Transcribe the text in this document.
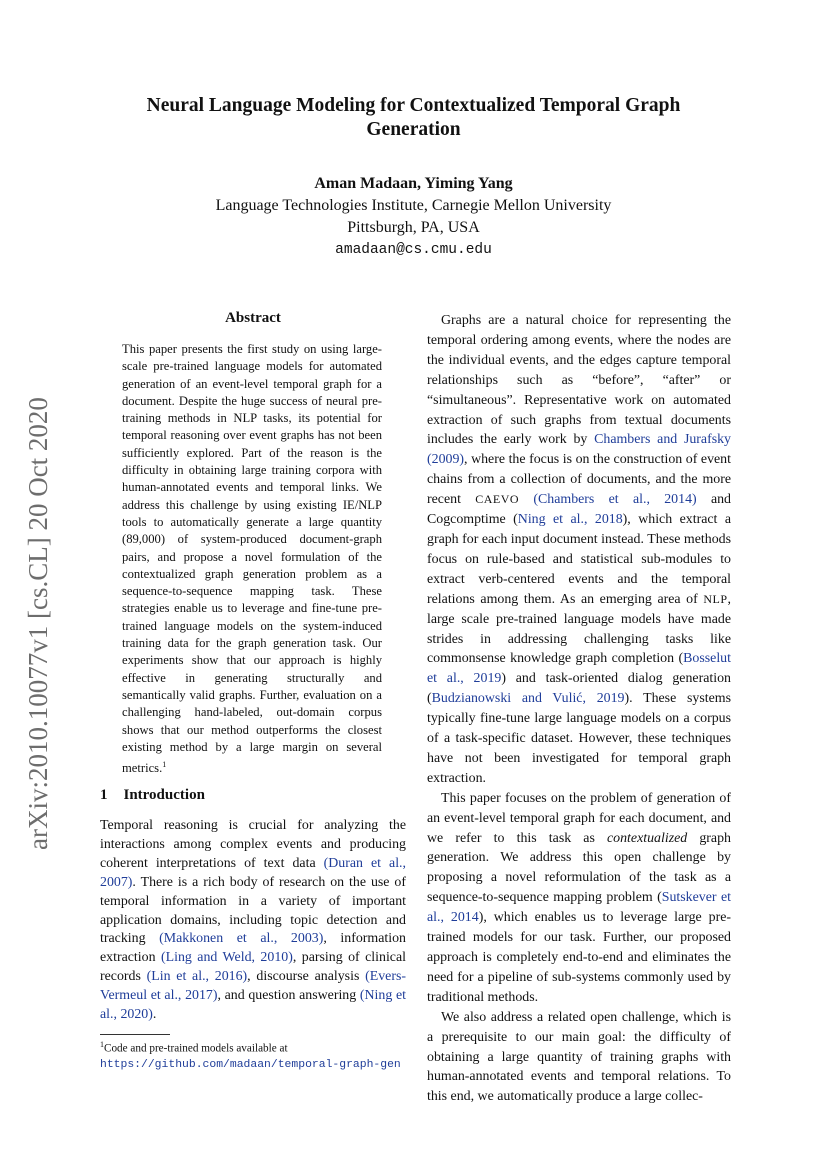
Neural Language Modeling for Contextualized Temporal Graph Generation
Aman Madaan, Yiming Yang
Language Technologies Institute, Carnegie Mellon University
Pittsburgh, PA, USA
amadaan@cs.cmu.edu
arXiv:2010.10077v1 [cs.CL] 20 Oct 2020
Abstract
This paper presents the first study on using large-scale pre-trained language models for automated generation of an event-level temporal graph for a document. Despite the huge success of neural pre-training methods in NLP tasks, its potential for temporal reasoning over event graphs has not been sufficiently explored. Part of the reason is the difficulty in obtaining large training corpora with human-annotated events and temporal links. We address this challenge by using existing IE/NLP tools to automatically generate a large quantity (89,000) of system-produced document-graph pairs, and propose a novel formulation of the contextualized graph generation problem as a sequence-to-sequence mapping task. These strategies enable us to leverage and fine-tune pre-trained language models on the system-induced training data for the graph generation task. Our experiments show that our approach is highly effective in generating structurally and semantically valid graphs. Further, evaluation on a challenging hand-labeled, out-domain corpus shows that our method outperforms the closest existing method by a large margin on several metrics.$^1$
1 Introduction
Temporal reasoning is crucial for analyzing the interactions among complex events and producing coherent interpretations of text data (Duran et al., 2007). There is a rich body of research on the use of temporal information in a variety of important application domains, including topic detection and tracking (Makkonen et al., 2003), information extraction (Ling and Weld, 2010), parsing of clinical records (Lin et al., 2016), discourse analysis (Evers-Vermeul et al., 2017), and question answering (Ning et al., 2020).
$^1$Code and pre-trained models available at https://github.com/madaan/temporal-graph-gen

Graphs are a natural choice for representing the temporal ordering among events, where the nodes are the individual events, and the edges capture temporal relationships such as “before”, “after” or “simultaneous”. Representative work on automated extraction of such graphs from textual documents includes the early work by Chambers and Jurafsky (2009), where the focus is on the construction of event chains from a collection of documents, and the more recent CAEVO (Chambers et al., 2014) and Cogcomptime (Ning et al., 2018), which extract a graph for each input document instead. These methods focus on rule-based and statistical sub-modules to extract verb-centered events and the temporal relations among them. As an emerging area of NLP, large scale pre-trained language models have made strides in addressing challenging tasks like commonsense knowledge graph completion (Bosselut et al., 2019) and task-oriented dialog generation (Budzianowski and Vulić, 2019). These systems typically fine-tune large language models on a corpus of a task-specific dataset. However, these techniques have not been investigated for temporal graph extraction.

This paper focuses on the problem of generation of an event-level temporal graph for each document, and we refer to this task as contextualized graph generation. We address this open challenge by proposing a novel reformulation of the task as a sequence-to-sequence mapping problem (Sutskever et al., 2014), which enables us to leverage large pre-trained models for our task. Further, our proposed approach is completely end-to-end and eliminates the need for a pipeline of sub-systems commonly used by traditional methods.

We also address a related open challenge, which is a prerequisite to our main goal: the difficulty of obtaining a large quantity of training graphs with human-annotated events and temporal relations. To this end, we automatically produce a large collec-
